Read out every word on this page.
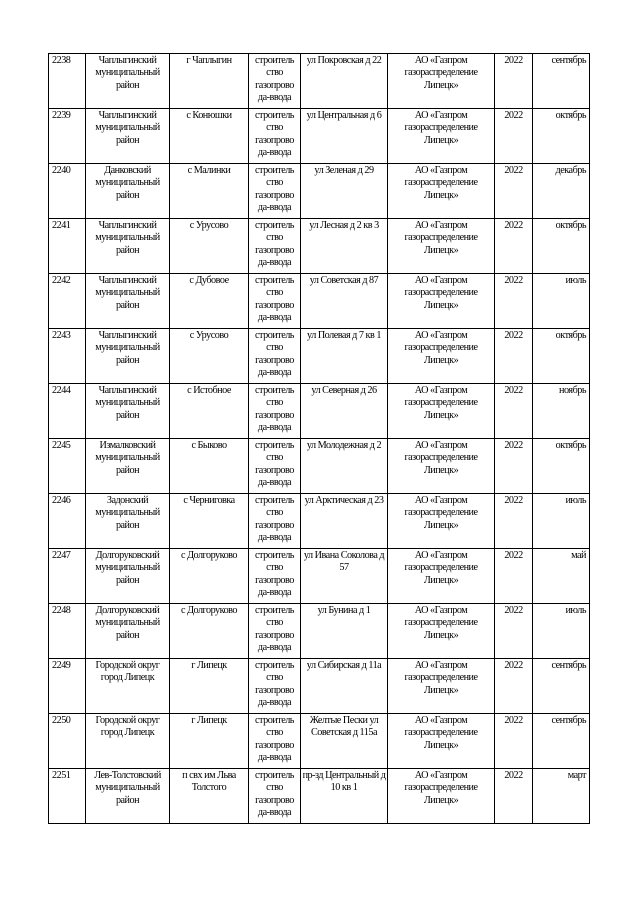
2238	Чаплыгинский муниципальный район	г Чаплыгин	строитель ство газопрово да-ввода	ул Покровская д 22	АО «Газпром газораспределение Липецк»	2022	сентябрь
2239	Чаплыгинский муниципальный район	с Конюшки	строитель ство газопрово да-ввода	ул Центральная д 6	АО «Газпром газораспределение Липецк»	2022	октябрь
2240	Данковский муниципальный район	с Малинки	строитель ство газопрово да-ввода	ул Зеленая д 29	АО «Газпром газораспределение Липецк»	2022	декабрь
2241	Чаплыгинский муниципальный район	с Урусово	строитель ство газопрово да-ввода	ул Лесная д 2 кв 3	АО «Газпром газораспределение Липецк»	2022	октябрь
2242	Чаплыгинский муниципальный район	с Дубовое	строитель ство газопрово да-ввода	ул Советская д 87	АО «Газпром газораспределение Липецк»	2022	июль
2243	Чаплыгинский муниципальный район	с Урусово	строитель ство газопрово да-ввода	ул Полевая д 7 кв 1	АО «Газпром газораспределение Липецк»	2022	октябрь
2244	Чаплыгинский муниципальный район	с Истобное	строитель ство газопрово да-ввода	ул Северная д 26	АО «Газпром газораспределение Липецк»	2022	ноябрь
2245	Измалковский муниципальный район	с Быково	строитель ство газопрово да-ввода	ул Молодежная д 2	АО «Газпром газораспределение Липецк»	2022	октябрь
2246	Задонский муниципальный район	с Черниговка	строитель ство газопрово да-ввода	ул Арктическая д 23	АО «Газпром газораспределение Липецк»	2022	июль
2247	Долгоруковский муниципальный район	с Долгоруково	строитель ство газопрово да-ввода	ул Ивана Соколова д 57	АО «Газпром газораспределение Липецк»	2022	май
2248	Долгоруковский муниципальный район	с Долгоруково	строитель ство газопрово да-ввода	ул Бунина д 1	АО «Газпром газораспределение Липецк»	2022	июль
2249	Городской округ город Липецк	г Липецк	строитель ство газопрово да-ввода	ул Сибирская д 11а	АО «Газпром газораспределение Липецк»	2022	сентябрь
2250	Городской округ город Липецк	г Липецк	строитель ство газопрово да-ввода	Желтые Пески ул Советская д 115а	АО «Газпром газораспределение Липецк»	2022	сентябрь
2251	Лев-Толстовский муниципальный район	п свх им Льва Толстого	строитель ство газопрово да-ввода	пр-зд Центральный д 10 кв 1	АО «Газпром газораспределение Липецк»	2022	март
